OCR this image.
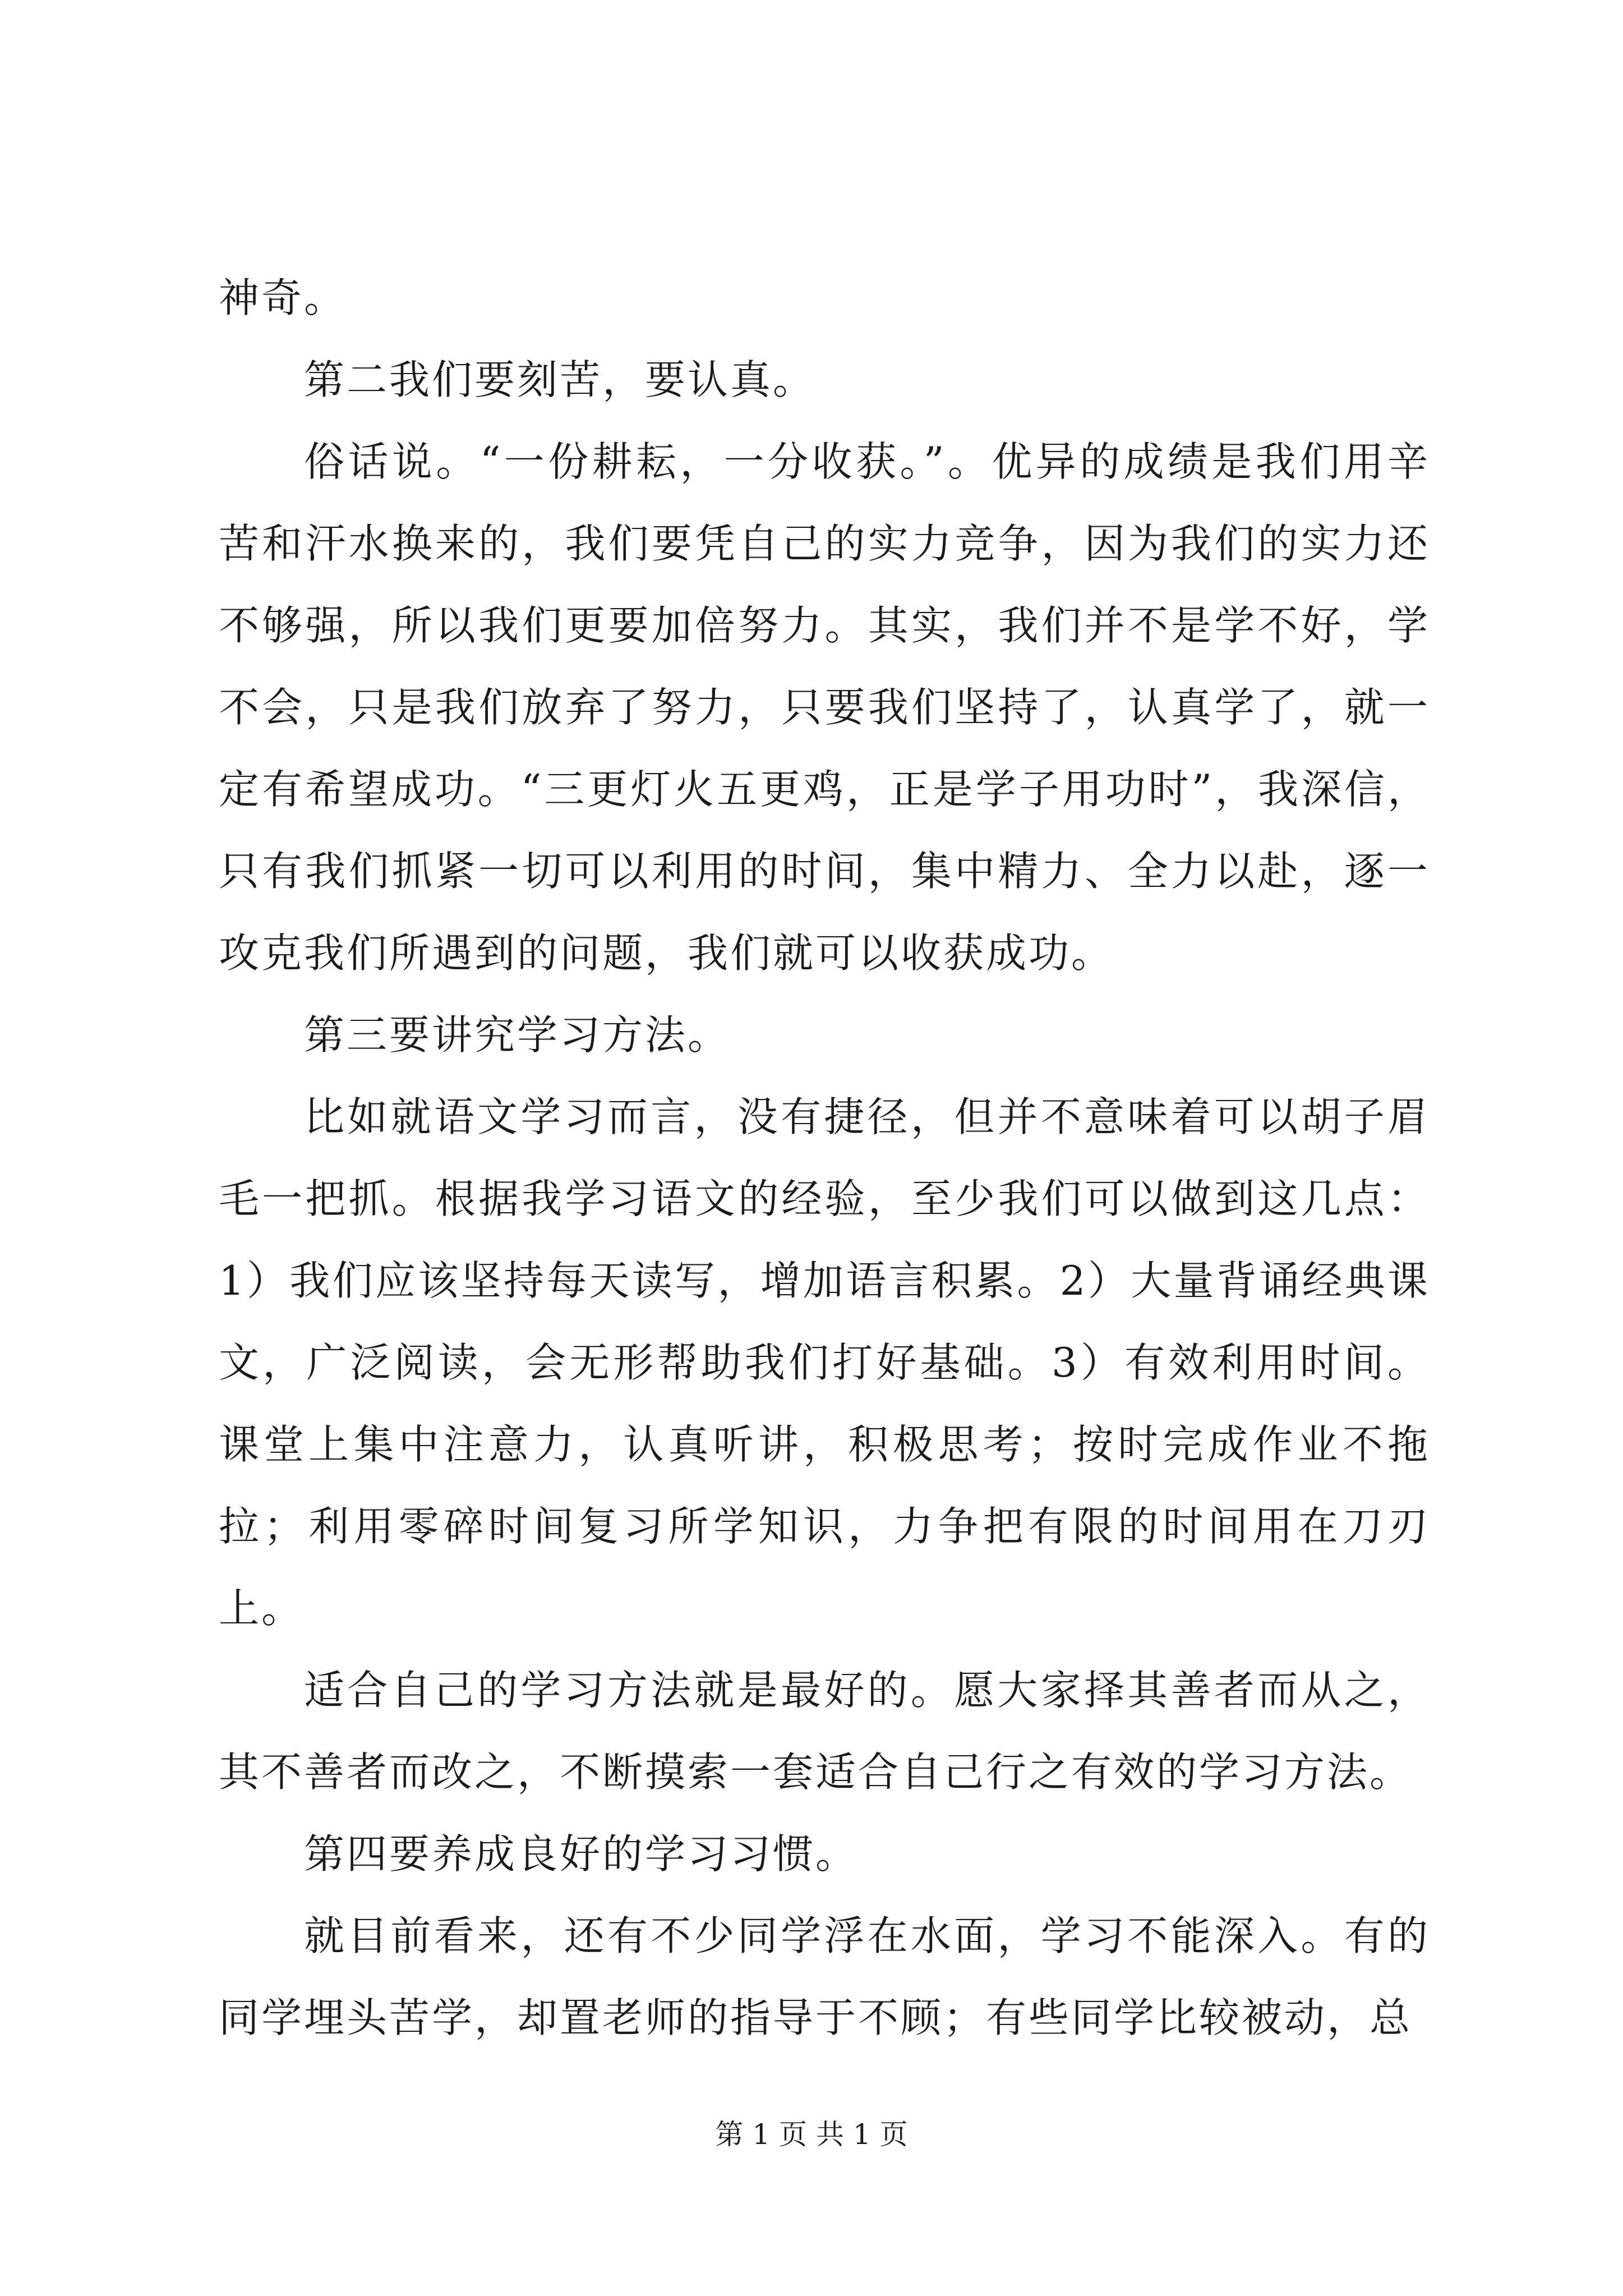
神奇。

第二我们要刻苦，要认真。

俗话说。“一份耕耘，一分收获。”。优异的成绩是我们用辛苦和汗水换来的，我们要凭自己的实力竞争，因为我们的实力还不够强，所以我们更要加倍努力。其实，我们并不是学不好，学不会，只是我们放弃了努力，只要我们坚持了，认真学了，就一定有希望成功。“三更灯火五更鸡，正是学子用功时”，我深信，只有我们抓紧一切可以利用的时间，集中精力、全力以赴，逐一攻克我们所遇到的问题，我们就可以收获成功。

第三要讲究学习方法。

比如就语文学习而言，没有捷径，但并不意味着可以胡子眉毛一把抓。根据我学习语文的经验，至少我们可以做到这几点：1）我们应该坚持每天读写，增加语言积累。2）大量背诵经典课文，广泛阅读，会无形帮助我们打好基础。3）有效利用时间。课堂上集中注意力，认真听讲，积极思考；按时完成作业不拖拉；利用零碎时间复习所学知识，力争把有限的时间用在刀刃上。

适合自己的学习方法就是最好的。愿大家择其善者而从之，其不善者而改之，不断摸索一套适合自己行之有效的学习方法。

第四要养成良好的学习习惯。

就目前看来，还有不少同学浮在水面，学习不能深入。有的同学埋头苦学，却置老师的指导于不顾；有些同学比较被动，总

第 1 页 共 1 页
